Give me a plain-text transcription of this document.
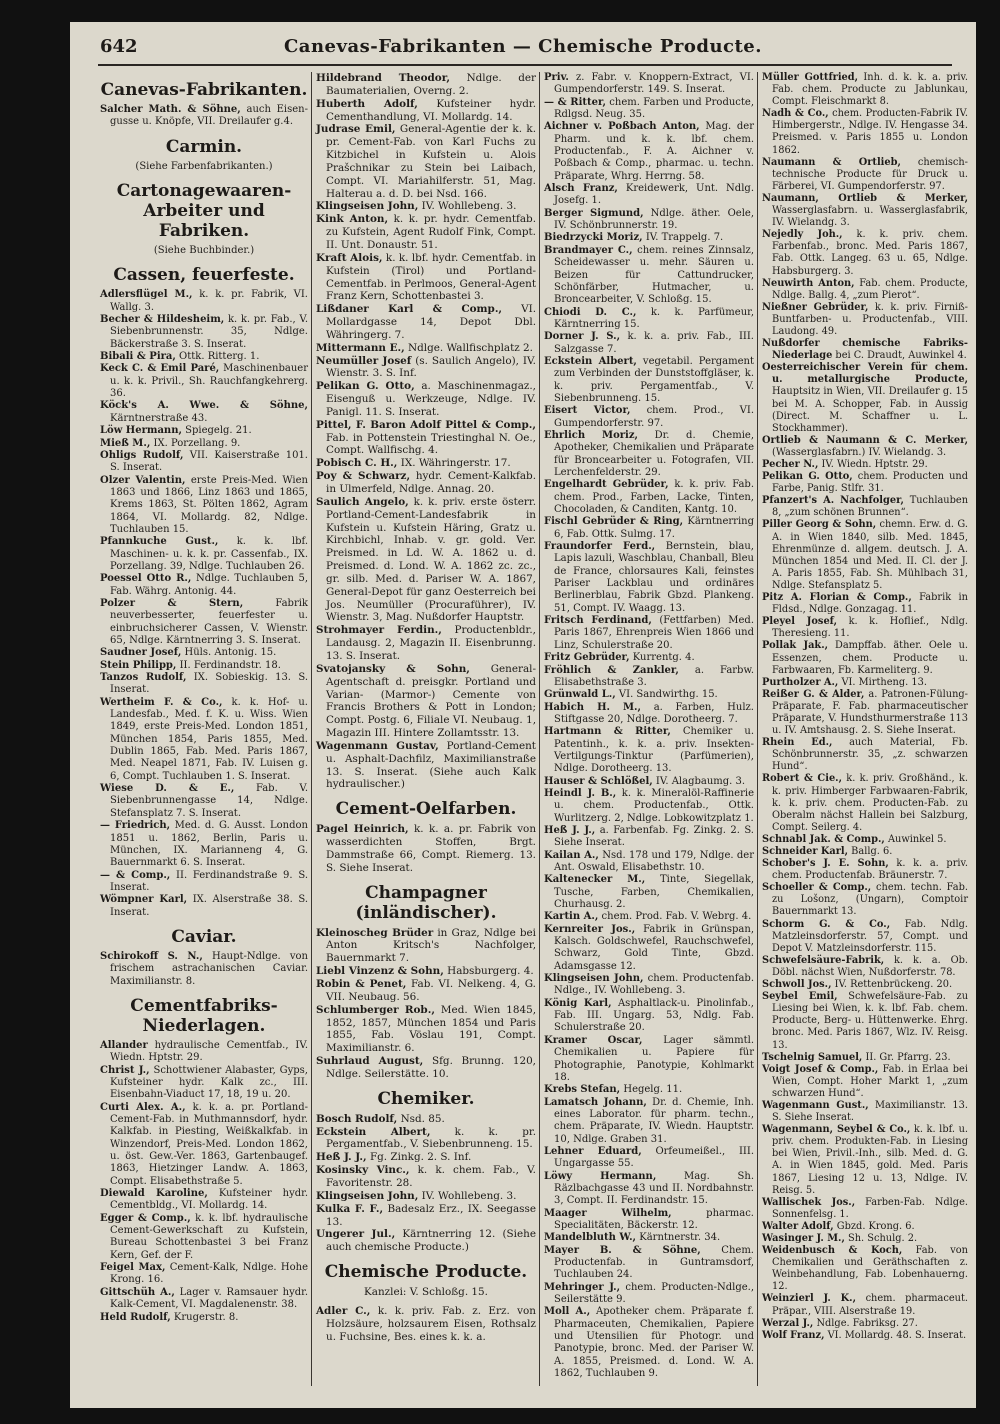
642	Canevas-Fabrikanten — Chemische Producte.
Canevas-Fabrikanten.

Salcher Math. & Söhne, auch Eisen-gusse u. Knöpfe, VII. Dreilaufer g.4.

Carmin.
(Siehe Farbenfabrikanten.)
Cartonagewaaren-Arbeiter und Fabriken.
(Siehe Buchbinder.)
Cassen, feuerfeste.

Adlersflügel M., k. k. pr. Fabrik, VI. Wallg. 3.

Becher & Hildesheim, k. k. pr. Fab., V. Siebenbrunnenstr. 35, Ndlge. Bäckerstraße 3. S. Inserat.

Bibali & Pira, Ottk. Ritterg. 1.

Keck C. & Emil Paré, Maschinenbauer u. k. k. Privil., Sh. Rauchfangkehrerg. 36.

Köck's A. Wwe. & Söhne, Kärntnerstraße 43.

Löw Hermann, Spiegelg. 21.

Mieß M., IX. Porzellang. 9.

Ohligs Rudolf, VII. Kaiserstraße 101. S. Inserat.

Olzer Valentin, erste Preis-Med. Wien 1863 und 1866, Linz 1863 und 1865, Krems 1863, St. Pölten 1862, Agram 1864, VI. Mollardg. 82, Ndlge. Tuchlauben 15.

Pfannkuche Gust., k. k. lbf. Maschinen- u. k. k. pr. Cassenfab., IX. Porzellang. 39, Ndlge. Tuchlauben 26.

Poessel Otto R., Ndlge. Tuchlauben 5, Fab. Währg. Antonig. 44.

Polzer & Stern, Fabrik neuverbesserter, feuerfester u. einbruchsicherer Cassen, V. Wienstr. 65, Ndlge. Kärntnerring 3. S. Inserat.

Saudner Josef, Hüls. Antonig. 15.

Stein Philipp, II. Ferdinandstr. 18.

Tanzos Rudolf, IX. Sobieskig. 13. S. Inserat.

Wertheim F. & Co., k. k. Hof- u. Landesfab., Med. f. K. u. Wiss. Wien 1849, erste Preis-Med. London 1851, München 1854, Paris 1855, Med. Dublin 1865, Fab. Med. Paris 1867, Med. Neapel 1871, Fab. IV. Luisen g. 6, Compt. Tuchlauben 1. S. Inserat.

Wiese D. & E., Fab. V. Siebenbrunnengasse 14, Ndlge. Stefansplatz 7. S. Inserat.

— Friedrich, Med. d. G. Ausst. London 1851 u. 1862, Berlin, Paris u. München, IX. Marianneng 4, G. Bauernmarkt 6. S. Inserat.

— & Comp., II. Ferdinandstraße 9. S. Inserat.

Wömpner Karl, IX. Alserstraße 38. S. Inserat.

Caviar.

Schirokoff S. N., Haupt-Ndlge. von frischem astrachanischen Caviar. Maximilianstr. 8.

Cementfabriks-Niederlagen.

Allander hydraulische Cementfab., IV. Wiedn. Hptstr. 29.

Christ J., Schottwiener Alabaster, Gyps, Kufsteiner hydr. Kalk zc., III. Eisenbahn-Viaduct 17, 18, 19 u. 20.

Curti Alex. A., k. k. a. pr. Portland-Cement-Fab. in Muthmannsdorf, hydr. Kalkfab. in Piesting, Weißkalkfab. in Winzendorf, Preis-Med. London 1862, u. öst. Gew.-Ver. 1863, Gartenbaugef. 1863, Hietzinger Landw. A. 1863, Compt. Elisabethstraße 5.

Diewald Karoline, Kufsteiner hydr. Cementbldg., VI. Mollardg. 14.

Egger & Comp., k. k. lbf. hydraulische Cement-Gewerkschaft zu Kufstein, Bureau Schottenbastei 3 bei Franz Kern, Gef. der F.

Feigel Max, Cement-Kalk, Ndlge. Hohe Krong. 16.

Gittschüh A., Lager v. Ramsauer hydr. Kalk-Cement, VI. Magdalenenstr. 38.

Held Rudolf, Krugerstr. 8.

Hildebrand Theodor, Ndlge. der Baumaterialien, Overng. 2.

Huberth Adolf, Kufsteiner hydr. Cementhandlung, VI. Mollardg. 14.

Judrase Emil, General-Agentie der k. k. pr. Cement-Fab. von Karl Fuchs zu Kitzbichel in Kufstein u. Alois Prašchnikar zu Stein bei Laibach, Compt. VI. Mariahilferstr. 51, Mag. Halterau a. d. D. bei Nsd. 166.

Klingseisen John, IV. Wohllebeng. 3.

Kink Anton, k. k. pr. hydr. Cementfab. zu Kufstein, Agent Rudolf Fink, Compt. II. Unt. Donaustr. 51.

Kraft Alois, k. k. lbf. hydr. Cementfab. in Kufstein (Tirol) und Portland-Cementfab. in Perlmoos, General-Agent Franz Kern, Schottenbastei 3.

Lißdaner Karl & Comp., VI. Mollardgasse 14, Depot Dbl. Währingerg. 7.

Mittermann E., Ndlge. Wallfischplatz 2.

Neumüller Josef (s. Saulich Angelo), IV. Wienstr. 3. S. Inf.

Pelikan G. Otto, a. Maschinenmagaz., Eisenguß u. Werkzeuge, Ndlge. IV. Panigl. 11. S. Inserat.

Pittel, F. Baron Adolf Pittel & Comp., Fab. in Pottenstein Triestinghal N. Oe., Compt. Wallfischg. 4.

Pobisch C. H., IX. Währingerstr. 17.

Poy & Schwarz, hydr. Cement-Kalkfab. in Ulmerfeld, Ndlge. Annag. 20.

Saulich Angelo, k. k. priv. erste österr. Portland-Cement-Landesfabrik in Kufstein u. Kufstein Häring, Gratz u. Kirchbichl, Inhab. v. gr. gold. Ver. Preismed. in Ld. W. A. 1862 u. d. Preismed. d. Lond. W. A. 1862 zc. zc., gr. silb. Med. d. Pariser W. A. 1867, General-Depot für ganz Oesterreich bei Jos. Neumüller (Procuraführer), IV. Wienstr. 3, Mag. Nußdorfer Hauptstr.

Strohmayer Ferdin., Productenbldr., Landausg. 2, Magazin II. Eisenbrunng. 13. S. Inserat.

Svatojansky & Sohn, General-Agentschaft d. preisgkr. Portland und Varian- (Marmor-) Cemente von Francis Brothers & Pott in London; Compt. Postg. 6, Filiale VI. Neubaug. 1, Magazin III. Hintere Zollamtsstr. 13.

Wagenmann Gustav, Portland-Cement u. Asphalt-Dachfilz, Maximilianstraße 13. S. Inserat. (Siehe auch Kalk hydraulischer.)

Cement-Oelfarben.

Pagel Heinrich, k. k. a. pr. Fabrik von wasserdichten Stoffen, Brgt. Dammstraße 66, Compt. Riemerg. 13. S. Siehe Inserat.

Champagner (inländischer).

Kleinoscheg Brüder in Graz, Ndlge bei Anton Kritsch's Nachfolger, Bauernmarkt 7.

Liebl Vinzenz & Sohn, Habsburgerg. 4.

Robin & Penet, Fab. VI. Nelkeng. 4, G. VII. Neubaug. 56.

Schlumberger Rob., Med. Wien 1845, 1852, 1857, München 1854 und Paris 1855, Fab. Vöslau 191, Compt. Maximilianstr. 6.

Suhrlaud August, Sfg. Brunng. 120, Ndlge. Seilerstätte. 10.

Chemiker.

Bosch Rudolf, Nsd. 85.

Eckstein Albert, k. k. pr. Pergamentfab., V. Siebenbrunneng. 15.

Heß J. J., Fg. Zinkg. 2. S. Inf.

Kosinsky Vinc., k. k. chem. Fab., V. Favoritenstr. 28.

Klingseisen John, IV. Wohllebeng. 3.

Kulka F. F., Badesalz Erz., IX. Seegasse 13.

Ungerer Jul., Kärntnerring 12. (Siehe auch chemische Producte.)

Chemische Producte.
Kanzlei: V. Schloßg. 15.

Adler C., k. k. priv. Fab. z. Erz. von Holzsäure, holzsaurem Eisen, Rothsalz u. Fuchsine, Bes. eines k. k. a.

Priv. z. Fabr. v. Knoppern-Extract, VI. Gumpendorferstr. 149. S. Inserat.

— & Ritter, chem. Farben und Producte, Rdlgsd. Neug. 35.

Aichner v. Poßbach Anton, Mag. der Pharm. und k. k. lbf. chem. Productenfab., F. A. Aichner v. Poßbach & Comp., pharmac. u. techn. Präparate, Whrg. Herrng. 58.

Alsch Franz, Kreidewerk, Unt. Ndlg. Josefg. 1.

Berger Sigmund, Ndlge. äther. Oele, IV. Schönbrunnerstr. 19.

Biedrzycki Moriz, IV. Trappelg. 7.

Brandmayer C., chem. reines Zinnsalz, Scheidewasser u. mehr. Säuren u. Beizen für Cattundrucker, Schönfärber, Hutmacher, u. Broncearbeiter, V. Schloßg. 15.

Chiodi D. C., k. k. Parfümeur, Kärntnerring 15.

Dorner J. S., k. k. a. priv. Fab., III. Salzgasse 7.

Eckstein Albert, vegetabil. Pergament zum Verbinden der Dunststoffgläser, k. k. priv. Pergamentfab., V. Siebenbrunneng. 15.

Eisert Victor, chem. Prod., VI. Gumpendorferstr. 97.

Ehrlich Moriz, Dr. d. Chemie, Apotheker, Chemikalien und Präparate für Broncearbeiter u. Fotografen, VII. Lerchenfelderstr. 29.

Engelhardt Gebrüder, k. k. priv. Fab. chem. Prod., Farben, Lacke, Tinten, Chocoladen, & Canditen, Kantg. 10.

Fischl Gebrüder & Ring, Kärntnerring 6, Fab. Ottk. Sulmg. 17.

Fraundorfer Ferd., Bernstein, blau, Lapis lazuli, Waschblau, Chanball, Bleu de France, chlorsaures Kali, feinstes Pariser Lackblau und ordinäres Berlinerblau, Fabrik Gbzd. Plankeng. 51, Compt. IV. Waagg. 13.

Fritsch Ferdinand, (Fettfarben) Med. Paris 1867, Ehrenpreis Wien 1866 und Linz, Schulerstraße 20.

Fritz Gebrüder, Kurrentg. 4.

Fröhlich & Zankler, a. Farbw. Elisabethstraße 3.

Grünwald L., VI. Sandwirthg. 15.

Habich H. M., a. Farben, Hulz. Stiftgasse 20, Ndlge. Dorotheerg. 7.

Hartmann & Ritter, Chemiker u. Patentinh., k. k. a. priv. Insekten-Vertilgungs-Tinktur (Parfümerien), Ndlge. Dorotheerg. 13.

Hauser & Schlößel, IV. Alagbaumg. 3.

Heindl J. B., k. k. Mineralöl-Raffinerie u. chem. Productenfab., Ottk. Wurlitzerg. 2, Ndlge. Lobkowitzplatz 1.

Heß J. J., a. Farbenfab. Fg. Zinkg. 2. S. Siehe Inserat.

Kailan A., Nsd. 178 und 179, Ndlge. der Ant. Oswald, Elisabethstr. 10.

Kaltenecker M., Tinte, Siegellak, Tusche, Farben, Chemikalien, Churhausg. 2.

Kartin A., chem. Prod. Fab. V. Webrg. 4.

Kernreiter Jos., Fabrik in Grünspan, Kalsch. Goldschwefel, Rauchschwefel, Schwarz, Gold Tinte, Gbzd. Adamsgasse 12.

Klingseisen John, chem. Productenfab. Ndlge., IV. Wohllebeng. 3.

König Karl, Asphaltlack-u. Pinolinfab., Fab. III. Ungarg. 53, Ndlg. Fab. Schulerstraße 20.

Kramer Oscar, Lager sämmtl. Chemikalien u. Papiere für Photographie, Panotypie, Kohlmarkt 18.

Krebs Stefan, Hegelg. 11.

Lamatsch Johann, Dr. d. Chemie, Inh. eines Laborator. für pharm. techn., chem. Präparate, IV. Wiedn. Hauptstr. 10, Ndlge. Graben 31.

Lehner Eduard, Orfeumeißel., III. Ungargasse 55.

Löwy Hermann, Mag. Sh. Räzlbachgasse 43 und II. Nordbahnstr. 3, Compt. II. Ferdinandstr. 15.

Maager Wilhelm, pharmac. Specialitäten, Bäckerstr. 12.

Mandelbluth W., Kärntnerstr. 34.

Mayer B. & Söhne, Chem. Productenfab. in Guntramsdorf, Tuchlauben 24.

Mehringer J., chem. Producten-Ndlge., Seilerstätte 9.

Moll A., Apotheker chem. Präparate f. Pharmaceuten, Chemikalien, Papiere und Utensilien für Photogr. und Panotypie, bronc. Med. der Pariser W. A. 1855, Preismed. d. Lond. W. A. 1862, Tuchlauben 9.

Müller Gottfried, Inh. d. k. k. a. priv. Fab. chem. Producte zu Jablunkau, Compt. Fleischmarkt 8.

Nadh & Co., chem. Producten-Fabrik IV. Himbergerstr., Ndlge. IV. Hengasse 34. Preismed. v. Paris 1855 u. London 1862.

Naumann & Ortlieb, chemisch-technische Producte für Druck u. Färberei, VI. Gumpendorferstr. 97.

Naumann, Ortlieb & Merker, Wasserglasfabrn. u. Wasserglasfabrik, IV. Wielandg. 3.

Nejedly Joh., k. k. priv. chem. Farbenfab., bronc. Med. Paris 1867, Fab. Ottk. Langeg. 63 u. 65, Ndlge. Habsburgerg. 3.

Neuwirth Anton, Fab. chem. Producte, Ndlge. Ballg. 4, „zum Pierot“.

Nießner Gebrüder, k. k. priv. Firniß-Buntfarben- u. Productenfab., VIII. Laudong. 49.

Nußdorfer chemische Fabriks-Niederlage bei C. Draudt, Auwinkel 4.

Oesterreichischer Verein für chem. u. metallurgische Producte, Hauptsitz in Wien, VII. Dreilaufer g. 15 bei M. A. Schopper, Fab. in Aussig (Direct. M. Schaffner u. L. Stockhammer).

Ortlieb & Naumann & C. Merker, (Wasserglasfabrn.) IV. Wielandg. 3.

Pecher N., IV. Wiedn. Hptstr. 29.

Pelikan G. Otto, chem. Producten und Farbe, Panig. Stlfr. 31.

Pfanzert's A. Nachfolger, Tuchlauben 8, „zum schönen Brunnen“.

Piller Georg & Sohn, chemn. Erw. d. G. A. in Wien 1840, silb. Med. 1845, Ehrenmünze d. allgem. deutsch. J. A. München 1854 und Med. II. Cl. der J. A. Paris 1855, Fab. Sh. Mühlbach 31, Ndlge. Stefansplatz 5.

Pitz A. Florian & Comp., Fabrik in Fldsd., Ndlge. Gonzagag. 11.

Pleyel Josef, k. k. Hoflief., Ndlg. Theresieng. 11.

Pollak Jak., Dampffab. äther. Oele u. Essenzen, chem. Producte u. Farbwaaren, Fb. Karmeliterg. 9.

Purtholzer A., VI. Mirtheng. 13.

Reißer G. & Alder, a. Patronen-Fülung-Präparate, F. Fab. pharmaceutischer Präparate, V. Hundsthurmerstraße 113 u. IV. Amtshausg. 2. S. Siehe Inserat.

Rhein Ed., auch Material, Fb. Schönbrunnerstr. 35, „z. schwarzen Hund“.

Robert & Cie., k. k. priv. Großhänd., k. k. priv. Himberger Farbwaaren-Fabrik, k. k. priv. chem. Producten-Fab. zu Oberalm nächst Hallein bei Salzburg, Compt. Seilerg. 4.

Schnabl Jak. & Comp., Auwinkel 5.

Schneider Karl, Ballg. 6.

Schober's J. E. Sohn, k. k. a. priv. chem. Productenfab. Bräunerstr. 7.

Schoeller & Comp., chem. techn. Fab. zu Lošonz, (Ungarn), Comptoir Bauernmarkt 13.

Schorm G. & Co., Fab. Ndlg. Matzleinsdorferstr. 57, Compt. und Depot V. Matzleinsdorferstr. 115.

Schwefelsäure-Fabrik, k. k. a. Ob. Döbl. nächst Wien, Nußdorferstr. 78.

Schwoll Jos., IV. Rettenbrückeng. 20.

Seybel Emil, Schwefelsäure-Fab. zu Liesing bei Wien, k. k. lbf. Fab. chem. Producte, Berg- u. Hüttenwerke. Ehrg. bronc. Med. Paris 1867, Wlz. IV. Reisg. 13.

Tschelnig Samuel, II. Gr. Pfarrg. 23.

Voigt Josef & Comp., Fab. in Erlaa bei Wien, Compt. Hoher Markt 1, „zum schwarzen Hund“.

Wagenmann Gust., Maximilianstr. 13. S. Siehe Inserat.

Wagenmann, Seybel & Co., k. k. lbf. u. priv. chem. Produkten-Fab. in Liesing bei Wien, Privil.-Inh., silb. Med. d. G. A. in Wien 1845, gold. Med. Paris 1867, Liesing 12 u. 13, Ndlge. IV. Reisg. 5.

Wallischek Jos., Farben-Fab. Ndlge. Sonnenfelsg. 1.

Walter Adolf, Gbzd. Krong. 6.

Wasinger J. M., Sh. Schulg. 2.

Weidenbusch & Koch, Fab. von Chemikalien und Geräthschaften z. Weinbehandlung, Fab. Lobenhauerng. 12.

Weinzierl J. K., chem. pharmaceut. Präpar., VIII. Alserstraße 19.

Werzal J., Ndlge. Fabriksg. 27.

Wolf Franz, VI. Mollardg. 48. S. Inserat.
